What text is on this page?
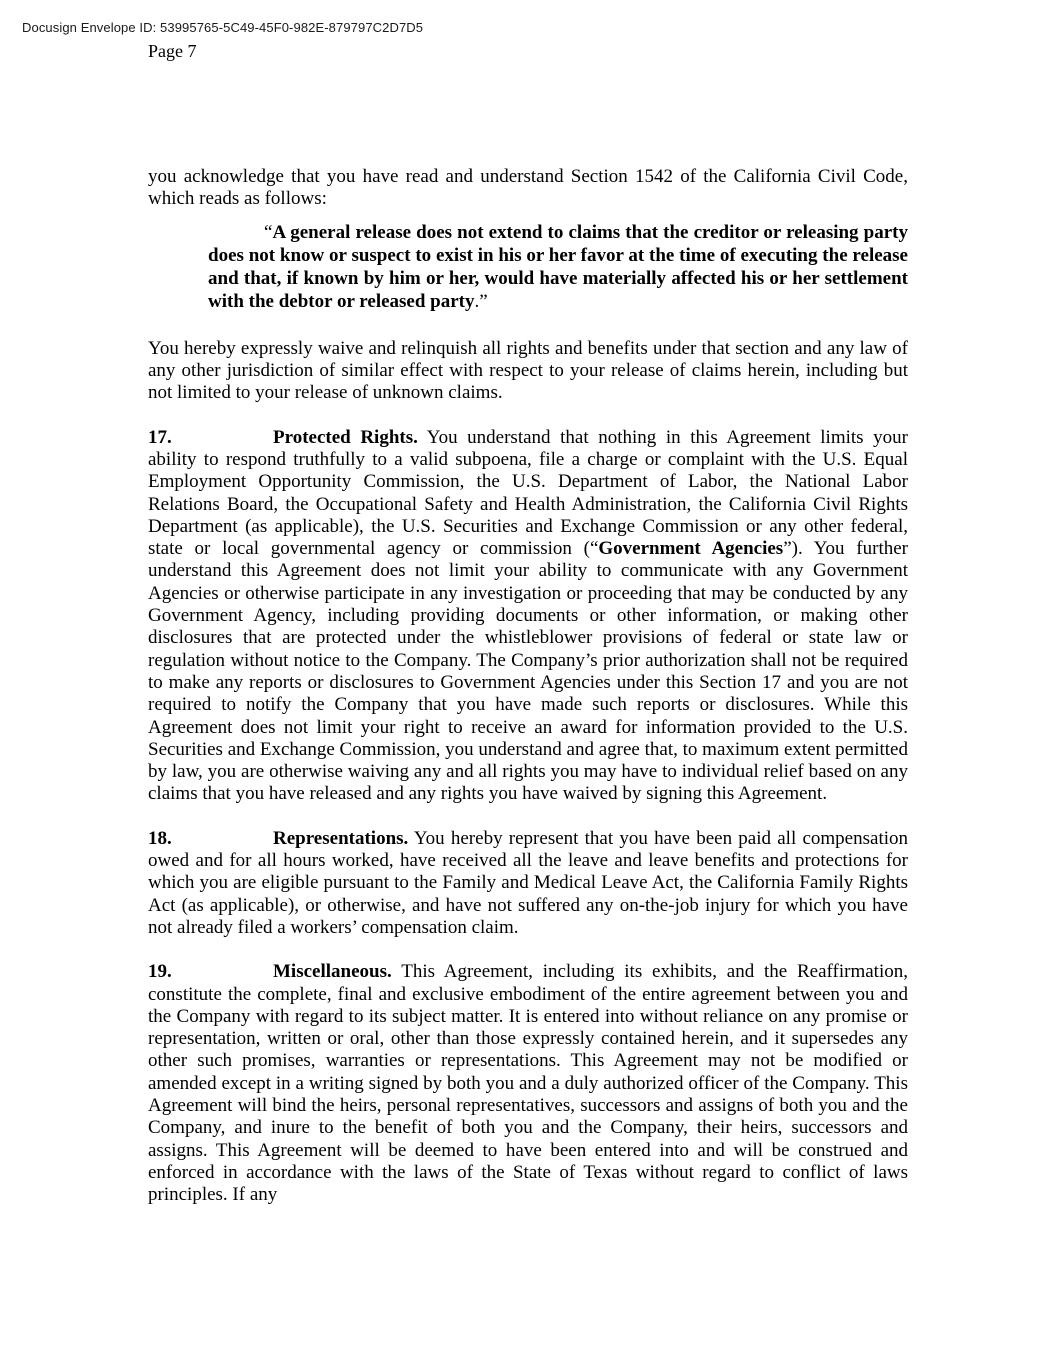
Docusign Envelope ID: 53995765-5C49-45F0-982E-879797C2D7D5
Page 7

you acknowledge that you have read and understand Section 1542 of the California Civil Code, which reads as follows:

“A general release does not extend to claims that the creditor or releasing party does not know or suspect to exist in his or her favor at the time of executing the release and that, if known by him or her, would have materially affected his or her settlement with the debtor or released party.”

You hereby expressly waive and relinquish all rights and benefits under that section and any law of any other jurisdiction of similar effect with respect to your release of claims herein, including but not limited to your release of unknown claims.

17.	Protected Rights. You understand that nothing in this Agreement limits your ability to respond truthfully to a valid subpoena, file a charge or complaint with the U.S. Equal Employment Opportunity Commission, the U.S. Department of Labor, the National Labor Relations Board, the Occupational Safety and Health Administration, the California Civil Rights Department (as applicable), the U.S. Securities and Exchange Commission or any other federal, state or local governmental agency or commission (“Government Agencies”). You further understand this Agreement does not limit your ability to communicate with any Government Agencies or otherwise participate in any investigation or proceeding that may be conducted by any Government Agency, including providing documents or other information, or making other disclosures that are protected under the whistleblower provisions of federal or state law or regulation without notice to the Company. The Company’s prior authorization shall not be required to make any reports or disclosures to Government Agencies under this Section 17 and you are not required to notify the Company that you have made such reports or disclosures. While this Agreement does not limit your right to receive an award for information provided to the U.S. Securities and Exchange Commission, you understand and agree that, to maximum extent permitted by law, you are otherwise waiving any and all rights you may have to individual relief based on any claims that you have released and any rights you have waived by signing this Agreement.

18.	Representations. You hereby represent that you have been paid all compensation owed and for all hours worked, have received all the leave and leave benefits and protections for which you are eligible pursuant to the Family and Medical Leave Act, the California Family Rights Act (as applicable), or otherwise, and have not suffered any on-the-job injury for which you have not already filed a workers’ compensation claim.

19.	Miscellaneous. This Agreement, including its exhibits, and the Reaffirmation, constitute the complete, final and exclusive embodiment of the entire agreement between you and the Company with regard to its subject matter. It is entered into without reliance on any promise or representation, written or oral, other than those expressly contained herein, and it supersedes any other such promises, warranties or representations. This Agreement may not be modified or amended except in a writing signed by both you and a duly authorized officer of the Company. This Agreement will bind the heirs, personal representatives, successors and assigns of both you and the Company, and inure to the benefit of both you and the Company, their heirs, successors and assigns. This Agreement will be deemed to have been entered into and will be construed and enforced in accordance with the laws of the State of Texas without regard to conflict of laws principles. If any
